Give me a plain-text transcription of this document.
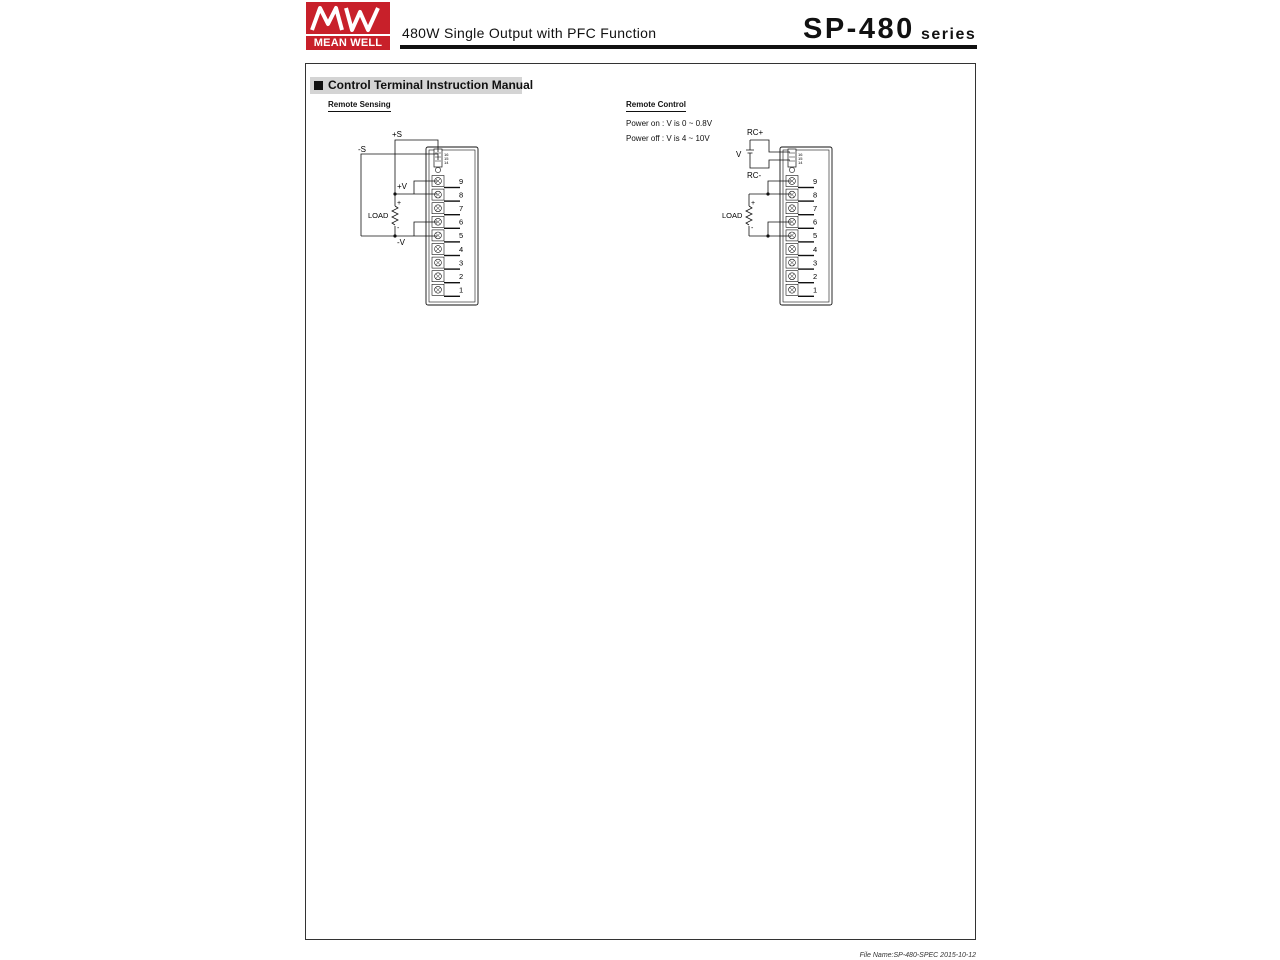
MEAN WELL
480W Single Output with PFC Function	SP-480 series
Control Terminal Instruction Manual
Remote Sensing	Remote Control
Power on : V is 0 ~ 0.8V
Power off : V is 4 ~ 10V
16
15
14
9
8
7
6
5
4
3
2
1
+S
-S
+V
-V
+
-
LOAD
16
15
14
9
8
7
6
5
4
3
2
1
RC+
RC-
V
+
-
LOAD
File Name:SP-480-SPEC 2015-10-12
